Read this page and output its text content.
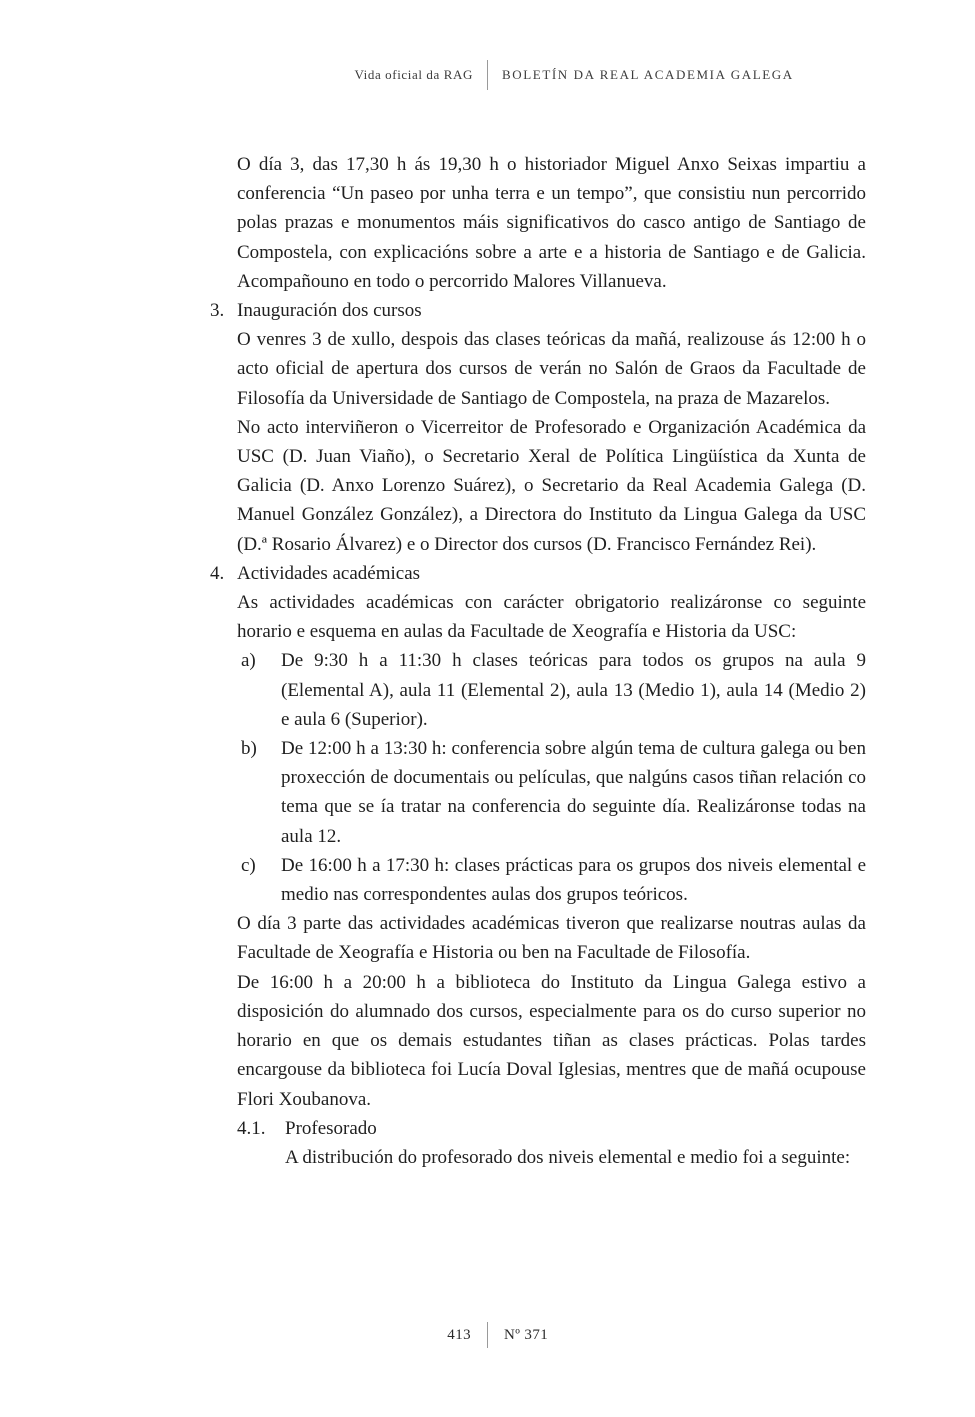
Vida oficial da RAG	BOLETÍN DA REAL ACADEMIA GALEGA
O día 3, das 17,30 h ás 19,30 h o historiador Miguel Anxo Seixas impartiu a conferencia “Un paseo por unha terra e un tempo”, que consistiu nun percorrido polas prazas e monumentos máis significativos do casco antigo de Santiago de Compostela, con explicacións sobre a arte e a historia de Santiago e de Galicia. Acompañouno en todo o percorrido Malores Villanueva.
3. Inauguración dos cursos
O venres 3 de xullo, despois das clases teóricas da mañá, realizouse ás 12:00 h o acto oficial de apertura dos cursos de verán no Salón de Graos da Facultade de Filosofía da Universidade de Santiago de Compostela, na praza de Mazarelos.
No acto interviñeron o Vicerreitor de Profesorado e Organización Académica da USC (D. Juan Viaño), o Secretario Xeral de Política Lingüística da Xunta de Galicia (D. Anxo Lorenzo Suárez), o Secretario da Real Academia Galega (D. Manuel González González), a Directora do Instituto da Lingua Galega da USC (D.ª Rosario Álvarez) e o Director dos cursos (D. Francisco Fernández Rei).
4. Actividades académicas
As actividades académicas con carácter obrigatorio realizáronse co seguinte horario e esquema en aulas da Facultade de Xeografía e Historia da USC:
a)	De 9:30 h a 11:30 h clases teóricas para todos os grupos na aula 9 (Elemental A), aula 11 (Elemental 2), aula 13 (Medio 1), aula 14 (Medio 2) e aula 6 (Superior).
b)	De 12:00 h a 13:30 h: conferencia sobre algún tema de cultura galega ou ben proxección de documentais ou películas, que nalgúns casos tiñan relación co tema que se ía tratar na conferencia do seguinte día. Realizáronse todas na aula 12.
c)	De 16:00 h a 17:30 h: clases prácticas para os grupos dos niveis elemental e medio nas correspondentes aulas dos grupos teóricos.
O día 3 parte das actividades académicas tiveron que realizarse noutras aulas da Facultade de Xeografía e Historia ou ben na Facultade de Filosofía.
De 16:00 h a 20:00 h a biblioteca do Instituto da Lingua Galega estivo a disposición do alumnado dos cursos, especialmente para os do curso superior no horario en que os demais estudantes tiñan as clases prácticas. Polas tardes encargouse da biblioteca foi Lucía Doval Iglesias, mentres que de mañá ocupouse Flori Xoubanova.
4.1.	Profesorado
A distribución do profesorado dos niveis elemental e medio foi a seguinte:
413	Nº 371
